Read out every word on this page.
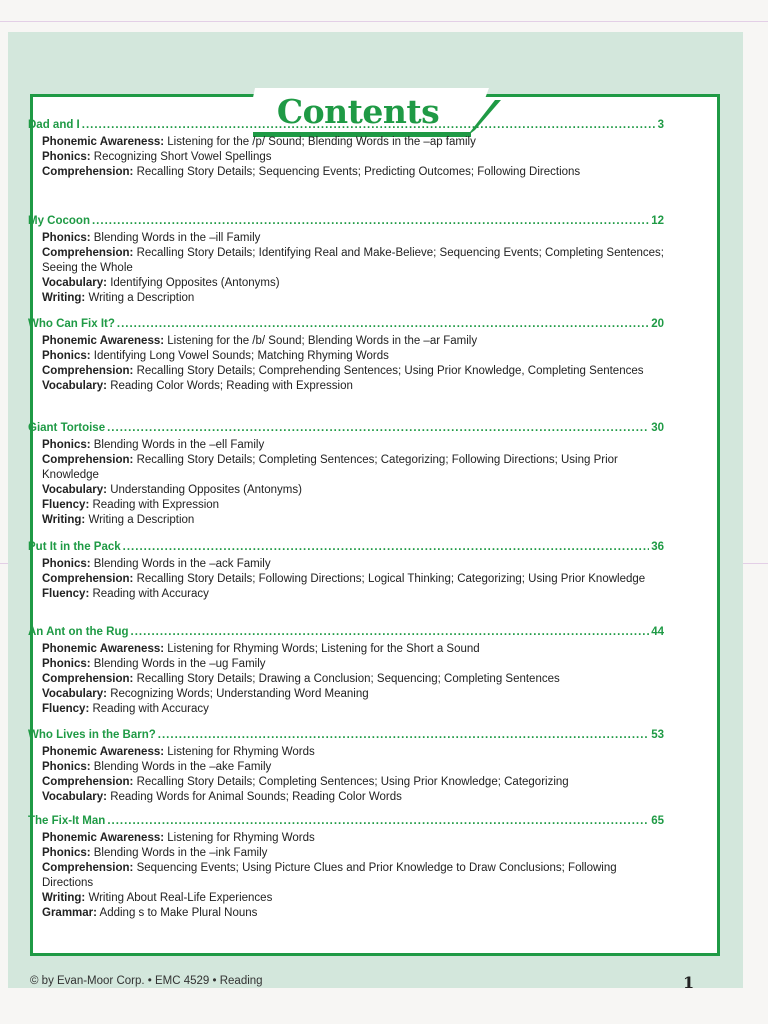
Contents
Dad and I .....	3
Phonemic Awareness: Listening for the /p/ Sound; Blending Words in the –ap family
Phonics: Recognizing Short Vowel Spellings
Comprehension: Recalling Story Details; Sequencing Events; Predicting Outcomes; Following Directions
My Cocoon .....	12
Phonics: Blending Words in the –ill Family
Comprehension: Recalling Story Details; Identifying Real and Make-Believe; Sequencing Events; Completing Sentences; Seeing the Whole
Vocabulary: Identifying Opposites (Antonyms)
Writing: Writing a Description
Who Can Fix It? .....	20
Phonemic Awareness: Listening for the /b/ Sound; Blending Words in the –ar Family
Phonics: Identifying Long Vowel Sounds; Matching Rhyming Words
Comprehension: Recalling Story Details; Comprehending Sentences; Using Prior Knowledge, Completing Sentences
Vocabulary: Reading Color Words; Reading with Expression
Giant Tortoise .....	30
Phonics: Blending Words in the –ell Family
Comprehension: Recalling Story Details; Completing Sentences; Categorizing; Following Directions; Using Prior Knowledge
Vocabulary: Understanding Opposites (Antonyms)
Fluency: Reading with Expression
Writing: Writing a Description
Put It in the Pack .....	36
Phonics: Blending Words in the –ack Family
Comprehension: Recalling Story Details; Following Directions; Logical Thinking; Categorizing; Using Prior Knowledge
Fluency: Reading with Accuracy
An Ant on the Rug .....	44
Phonemic Awareness: Listening for Rhyming Words; Listening for the Short a Sound
Phonics: Blending Words in the –ug Family
Comprehension: Recalling Story Details; Drawing a Conclusion; Sequencing; Completing Sentences
Vocabulary: Recognizing Words; Understanding Word Meaning
Fluency: Reading with Accuracy
Who Lives in the Barn? .....	53
Phonemic Awareness: Listening for Rhyming Words
Phonics: Blending Words in the –ake Family
Comprehension: Recalling Story Details; Completing Sentences; Using Prior Knowledge; Categorizing
Vocabulary: Reading Words for Animal Sounds; Reading Color Words
The Fix-It Man .....	65
Phonemic Awareness: Listening for Rhyming Words
Phonics: Blending Words in the –ink Family
Comprehension: Sequencing Events; Using Picture Clues and Prior Knowledge to Draw Conclusions; Following Directions
Writing: Writing About Real-Life Experiences
Grammar: Adding s to Make Plural Nouns
© by Evan-Moor Corp. • EMC 4529 • Reading	1
